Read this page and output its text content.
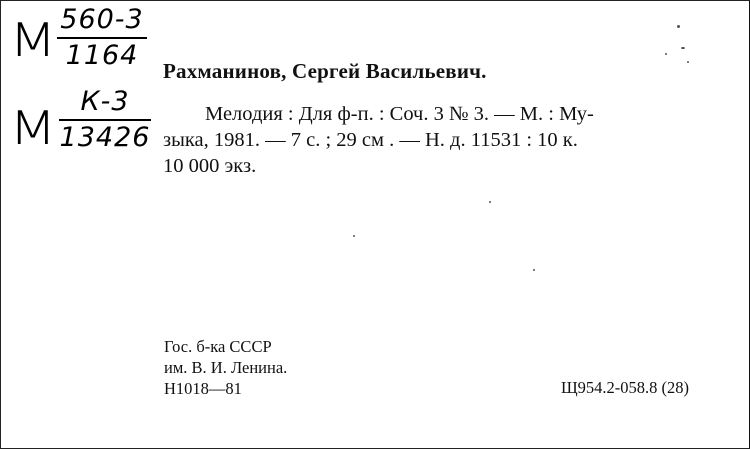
М 560-3
1164
М К-3
13426
Рахманинов, Сергей Васильевич.
Мелодия : Для ф-п. : Соч. 3 № 3. — М. : Му-
зыка, 1981. — 7 с. ; 29 см . — Н. д. 11531 : 10 к.
10 000 экз.
Гос. б-ка СССР
им. В. И. Ленина.
Н1018—81	Щ954.2-058.8 (28)
